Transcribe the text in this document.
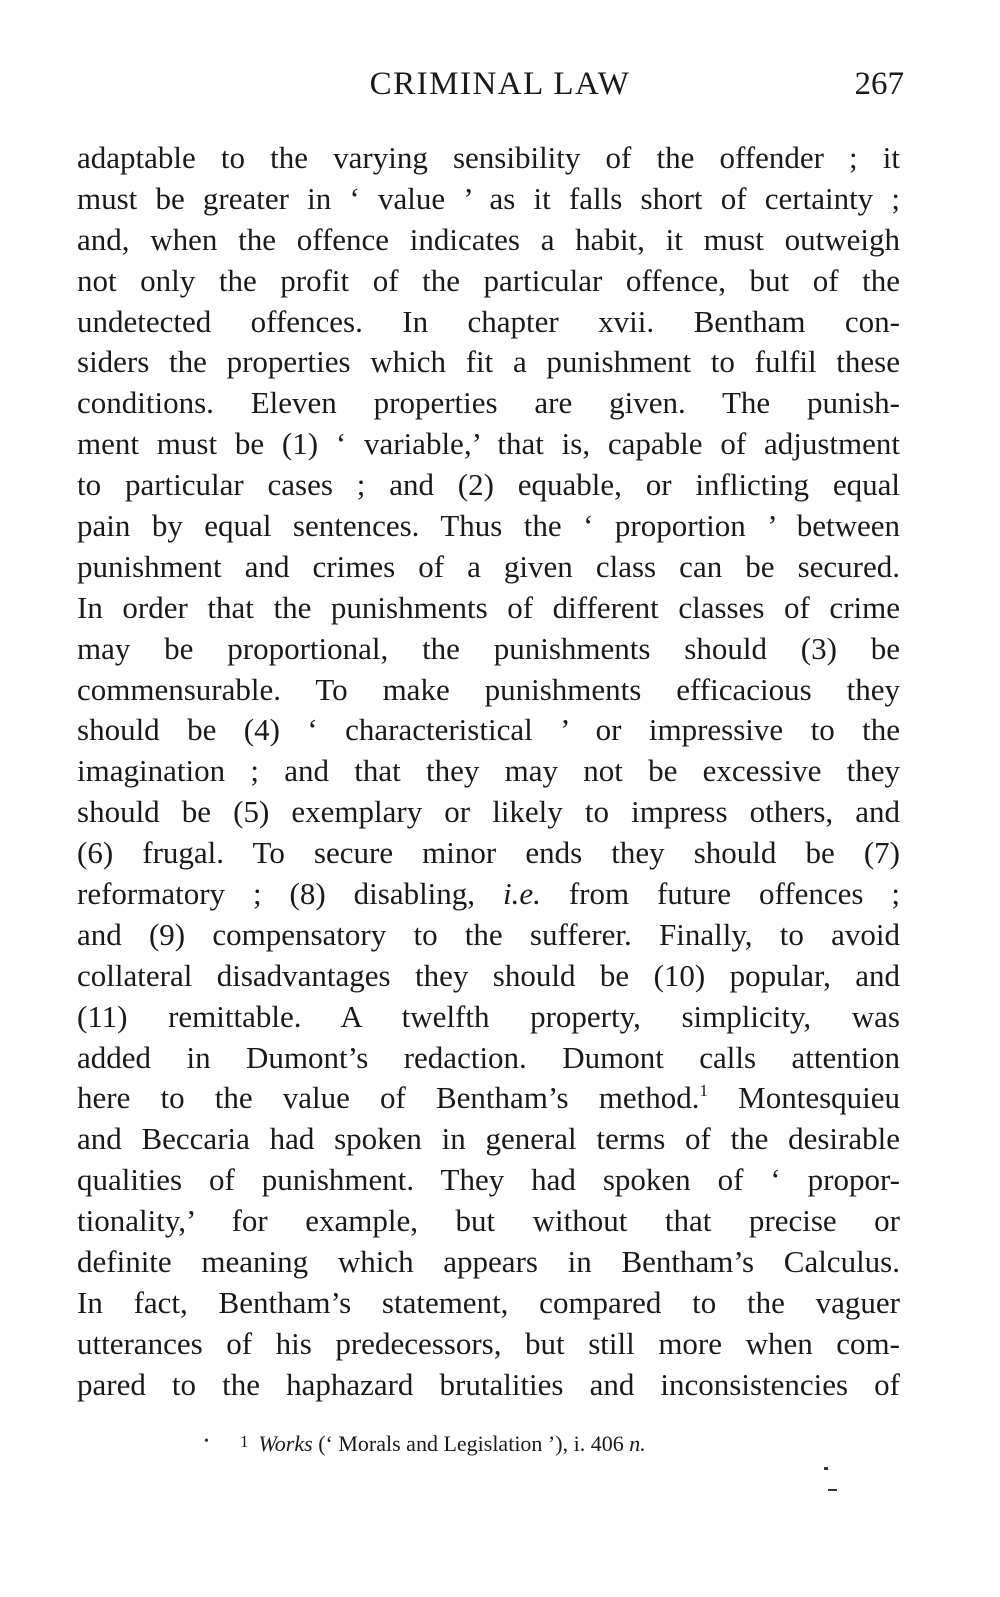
CRIMINAL LAW	267
adaptable to the varying sensibility of the offender ; it
must be greater in ‘ value ’ as it falls short of certainty ;
and, when the offence indicates a habit, it must outweigh
not only the profit of the particular offence, but of the
undetected offences. In chapter xvii. Bentham con-
siders the properties which fit a punishment to fulfil these
conditions. Eleven properties are given. The punish-
ment must be (1) ‘ variable,’ that is, capable of adjustment
to particular cases ; and (2) equable, or inflicting equal
pain by equal sentences. Thus the ‘ proportion ’ between
punishment and crimes of a given class can be secured.
In order that the punishments of different classes of crime
may be proportional, the punishments should (3) be
commensurable. To make punishments efficacious they
should be (4) ‘ characteristical ’ or impressive to the
imagination ; and that they may not be excessive they
should be (5) exemplary or likely to impress others, and
(6) frugal. To secure minor ends they should be (7)
reformatory ; (8) disabling, i.e. from future offences ;
and (9) compensatory to the sufferer. Finally, to avoid
collateral disadvantages they should be (10) popular, and
(11) remittable. A twelfth property, simplicity, was
added in Dumont’s redaction. Dumont calls attention
here to the value of Bentham’s method.$^1$ Montesquieu
and Beccaria had spoken in general terms of the desirable
qualities of punishment. They had spoken of ‘ propor-
tionality,’ for example, but without that precise or
definite meaning which appears in Bentham’s Calculus.
In fact, Bentham’s statement, compared to the vaguer
utterances of his predecessors, but still more when com-
pared to the haphazard brutalities and inconsistencies of
• 1 Works (‘ Morals and Legislation ’), i. 406 n.
